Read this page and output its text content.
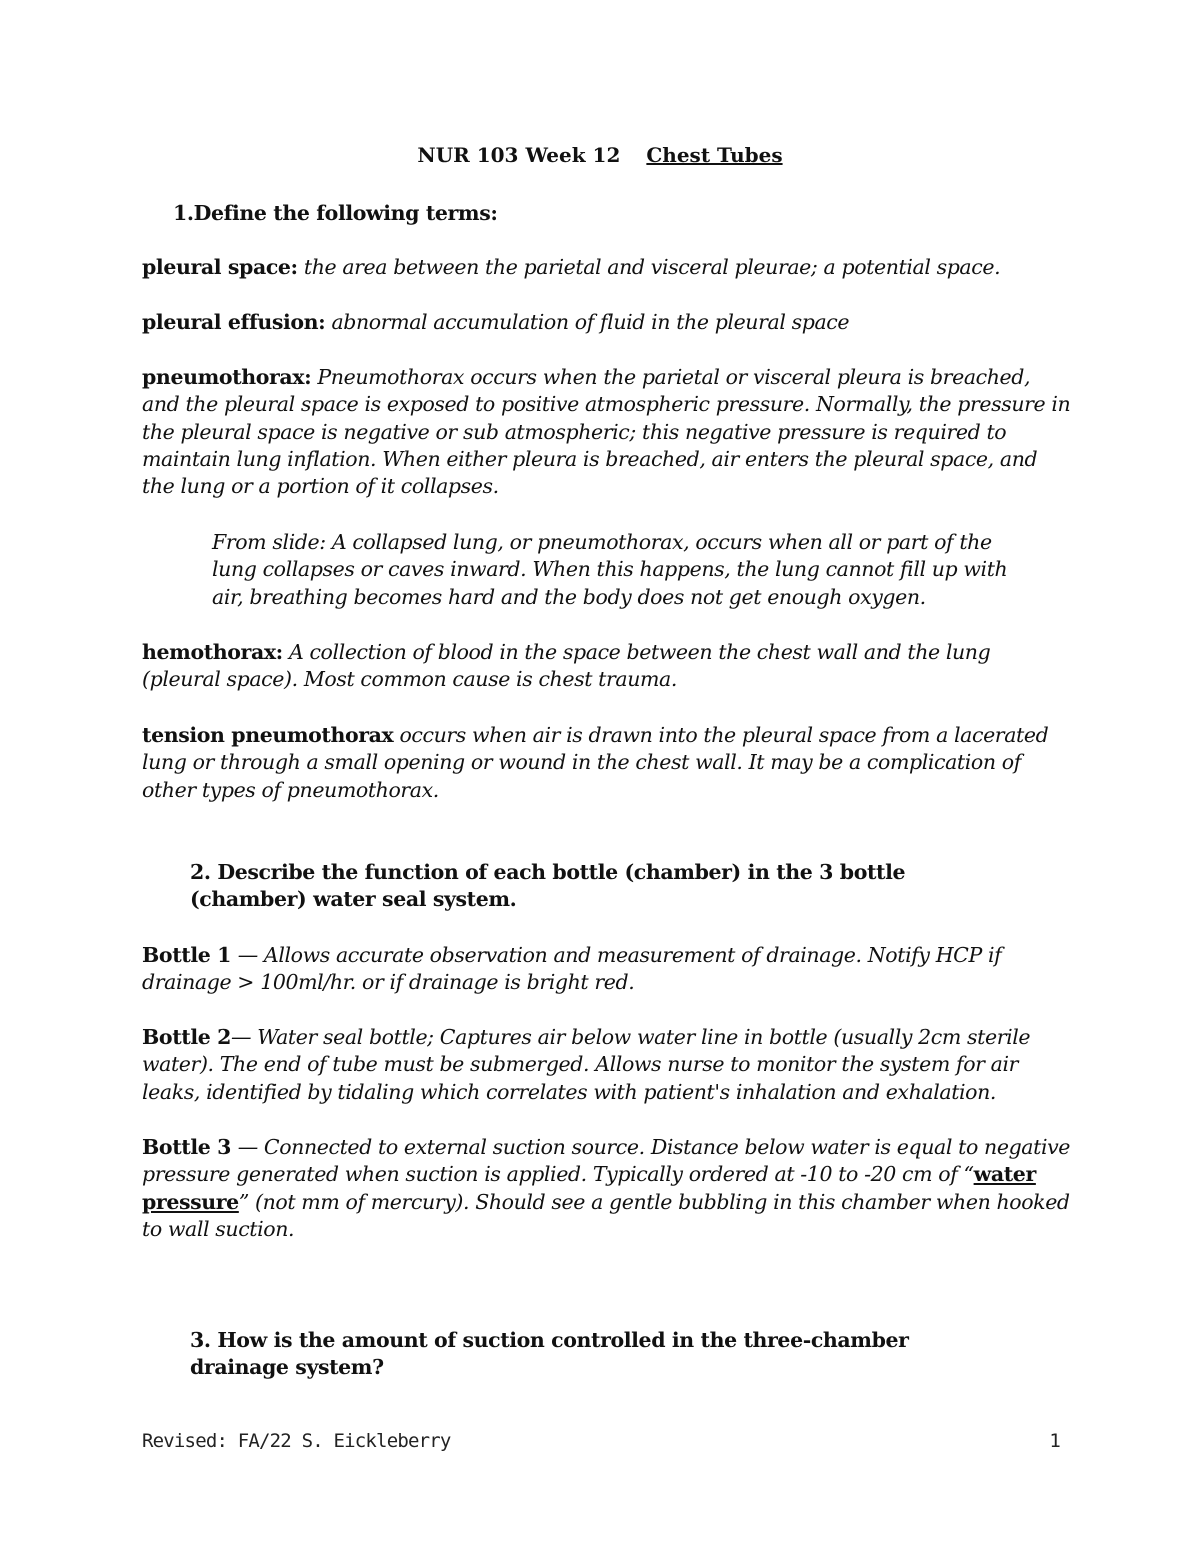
NUR 103 Week 12 Chest Tubes
1.Define the following terms:
pleural space: the area between the parietal and visceral pleurae; a potential space.
pleural effusion: abnormal accumulation of fluid in the pleural space
pneumothorax: Pneumothorax occurs when the parietal or visceral pleura is breached, and the pleural space is exposed to positive atmospheric pressure. Normally, the pressure in the pleural space is negative or sub atmospheric; this negative pressure is required to maintain lung inflation. When either pleura is breached, air enters the pleural space, and the lung or a portion of it collapses.
From slide: A collapsed lung, or pneumothorax, occurs when all or part of the lung collapses or caves inward. When this happens, the lung cannot fill up with air, breathing becomes hard and the body does not get enough oxygen.
hemothorax: A collection of blood in the space between the chest wall and the lung (pleural space). Most common cause is chest trauma.
tension pneumothorax occurs when air is drawn into the pleural space from a lacerated lung or through a small opening or wound in the chest wall. It may be a complication of other types of pneumothorax.
2. Describe the function of each bottle (chamber) in the 3 bottle (chamber) water seal system.
Bottle 1 — Allows accurate observation and measurement of drainage. Notify HCP if drainage > 100ml/hr. or if drainage is bright red.
Bottle 2— Water seal bottle; Captures air below water line in bottle (usually 2cm sterile water). The end of tube must be submerged. Allows nurse to monitor the system for air leaks, identified by tidaling which correlates with patient's inhalation and exhalation.
Bottle 3 — Connected to external suction source. Distance below water is equal to negative pressure generated when suction is applied. Typically ordered at -10 to -20 cm of “water pressure” (not mm of mercury). Should see a gentle bubbling in this chamber when hooked to wall suction.
3. How is the amount of suction controlled in the three-chamber drainage system?
Revised: FA/22 S. Eickleberry	1
